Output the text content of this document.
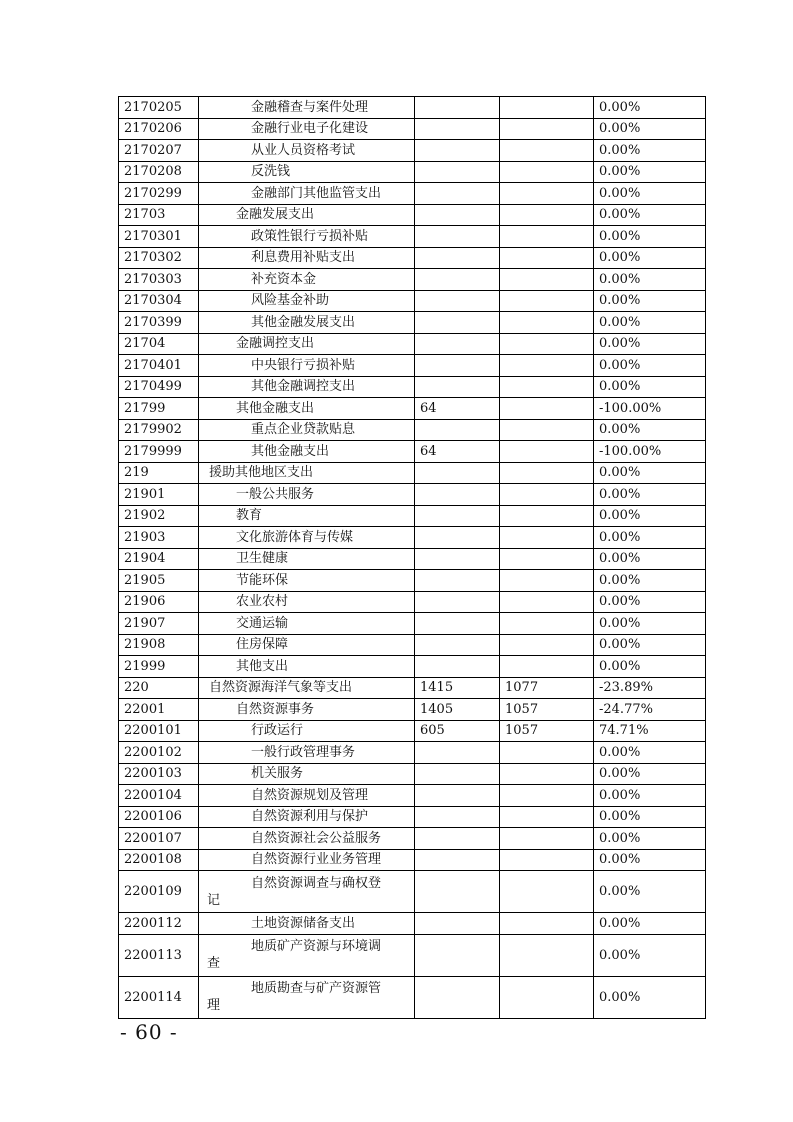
2170205	金融稽查与案件处理			0.00%
2170206	金融行业电子化建设			0.00%
2170207	从业人员资格考试			0.00%
2170208	反洗钱			0.00%
2170299	金融部门其他监管支出			0.00%
21703	金融发展支出			0.00%
2170301	政策性银行亏损补贴			0.00%
2170302	利息费用补贴支出			0.00%
2170303	补充资本金			0.00%
2170304	风险基金补助			0.00%
2170399	其他金融发展支出			0.00%
21704	金融调控支出			0.00%
2170401	中央银行亏损补贴			0.00%
2170499	其他金融调控支出			0.00%
21799	其他金融支出	64		-100.00%
2179902	重点企业贷款贴息			0.00%
2179999	其他金融支出	64		-100.00%
219	援助其他地区支出			0.00%
21901	一般公共服务			0.00%
21902	教育			0.00%
21903	文化旅游体育与传媒			0.00%
21904	卫生健康			0.00%
21905	节能环保			0.00%
21906	农业农村			0.00%
21907	交通运输			0.00%
21908	住房保障			0.00%
21999	其他支出			0.00%
220	自然资源海洋气象等支出	1415	1077	-23.89%
22001	自然资源事务	1405	1057	-24.77%
2200101	行政运行	605	1057	74.71%
2200102	一般行政管理事务			0.00%
2200103	机关服务			0.00%
2200104	自然资源规划及管理			0.00%
2200106	自然资源利用与保护			0.00%
2200107	自然资源社会公益服务			0.00%
2200108	自然资源行业业务管理			0.00%
2200109	自然资源调查与确权登
记			0.00%
2200112	土地资源储备支出			0.00%
2200113	地质矿产资源与环境调
查			0.00%
2200114	地质勘查与矿产资源管
理			0.00%
- 60 -
